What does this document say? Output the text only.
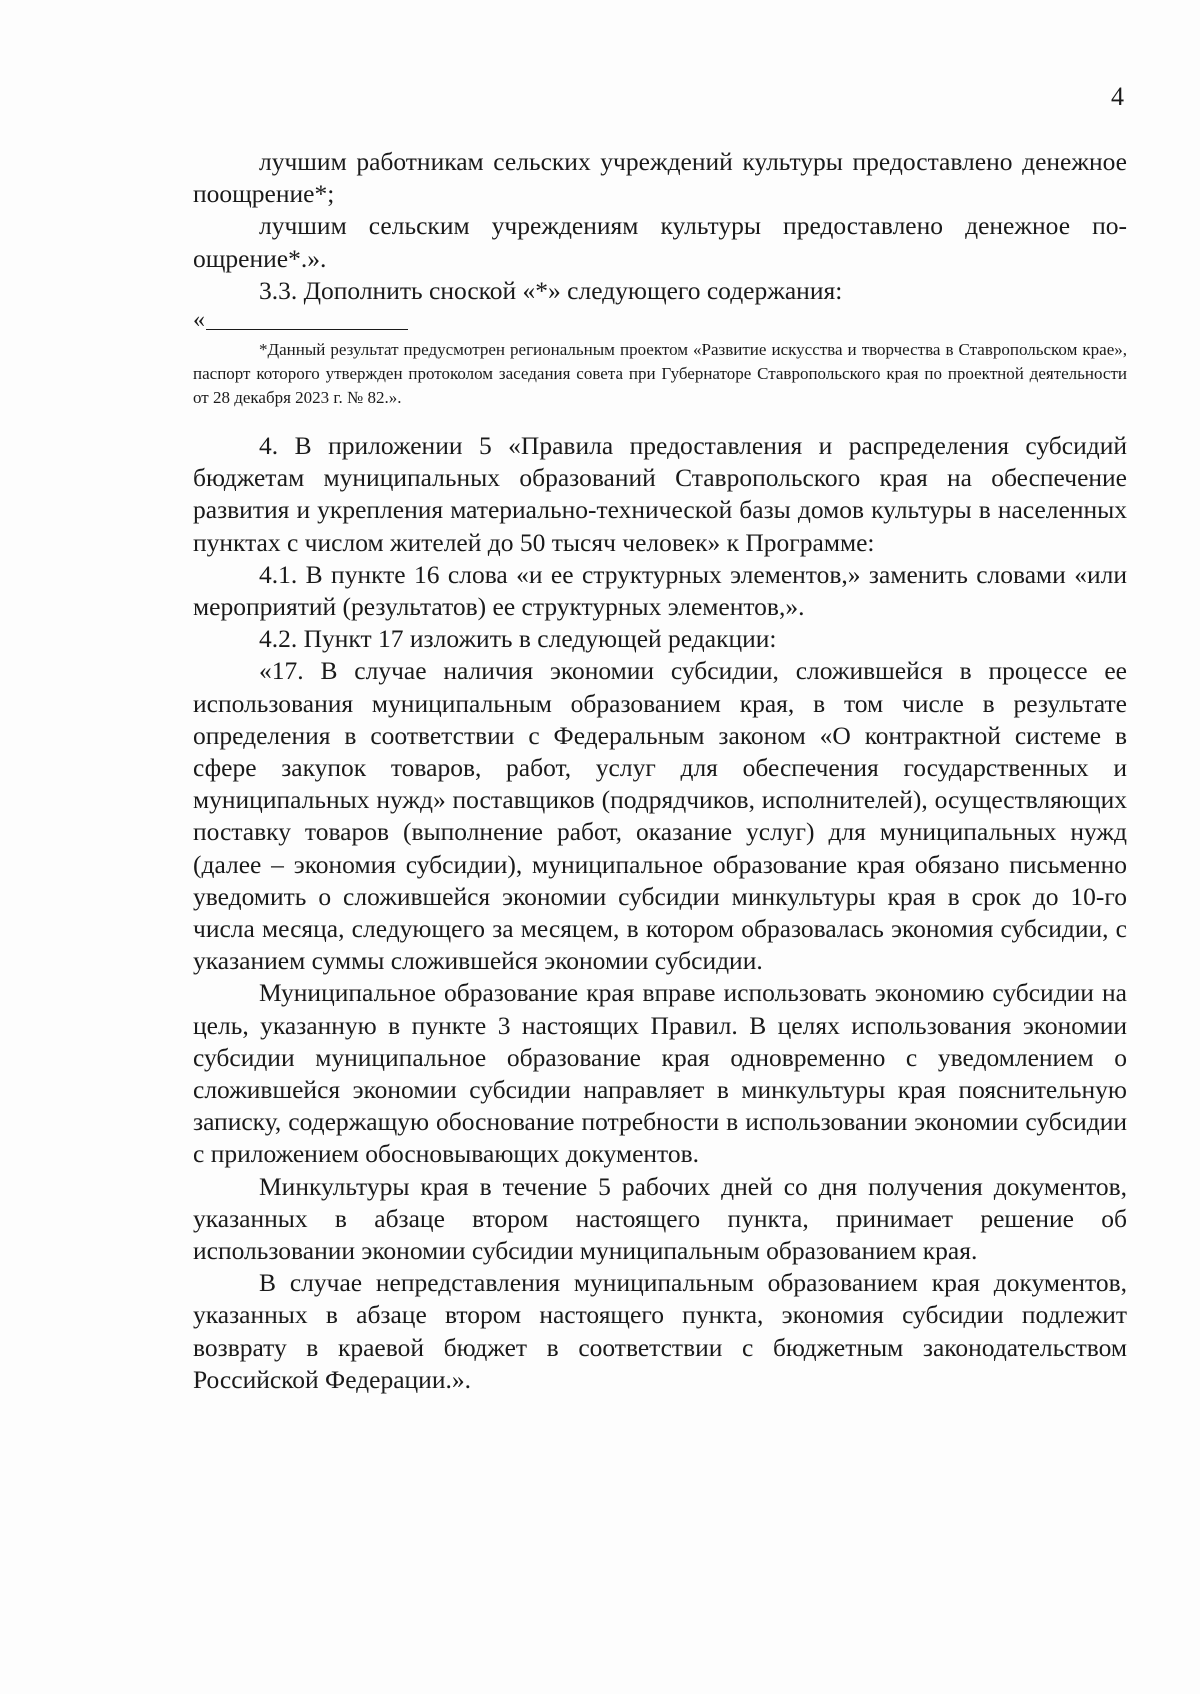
4

лучшим работникам сельских учреждений культуры предоставлено денежное поощрение*;

лучшим сельским учреждениям культуры предоставлено денежное поощрение*.».

3.3. Дополнить сноской «*» следующего содержания:

«

*Данный результат предусмотрен региональным проектом «Развитие искусства и творчества в Ставропольском крае», паспорт которого утвержден протоколом заседания совета при Губернаторе Ставропольского края по проектной деятельности от 28 декабря 2023 г. № 82.».

4. В приложении 5 «Правила предоставления и распределения субсидий бюджетам муниципальных образований Ставропольского края на обеспечение развития и укрепления материально-технической базы домов культуры в населенных пунктах с числом жителей до 50 тысяч человек» к Программе:

4.1. В пункте 16 слова «и ее структурных элементов,» заменить словами «или мероприятий (результатов) ее структурных элементов,».

4.2. Пункт 17 изложить в следующей редакции:

«17. В случае наличия экономии субсидии, сложившейся в процессе ее использования муниципальным образованием края, в том числе в результате определения в соответствии с Федеральным законом «О контрактной системе в сфере закупок товаров, работ, услуг для обеспечения государственных и муниципальных нужд» поставщиков (подрядчиков, исполнителей), осуществляющих поставку товаров (выполнение работ, оказание услуг) для муниципальных нужд (далее – экономия субсидии), муниципальное образование края обязано письменно уведомить о сложившейся экономии субсидии минкультуры края в срок до 10-го числа месяца, следующего за месяцем, в котором образовалась экономия субсидии, с указанием суммы сложившейся экономии субсидии.

Муниципальное образование края вправе использовать экономию субсидии на цель, указанную в пункте 3 настоящих Правил. В целях использования экономии субсидии муниципальное образование края одновременно с уведомлением о сложившейся экономии субсидии направляет в минкультуры края пояснительную записку, содержащую обоснование потребности в использовании экономии субсидии с приложением обосновывающих документов.

Минкультуры края в течение 5 рабочих дней со дня получения документов, указанных в абзаце втором настоящего пункта, принимает решение об использовании экономии субсидии муниципальным образованием края.

В случае непредставления муниципальным образованием края документов, указанных в абзаце втором настоящего пункта, экономия субсидии подлежит возврату в краевой бюджет в соответствии с бюджетным законодательством Российской Федерации.».
